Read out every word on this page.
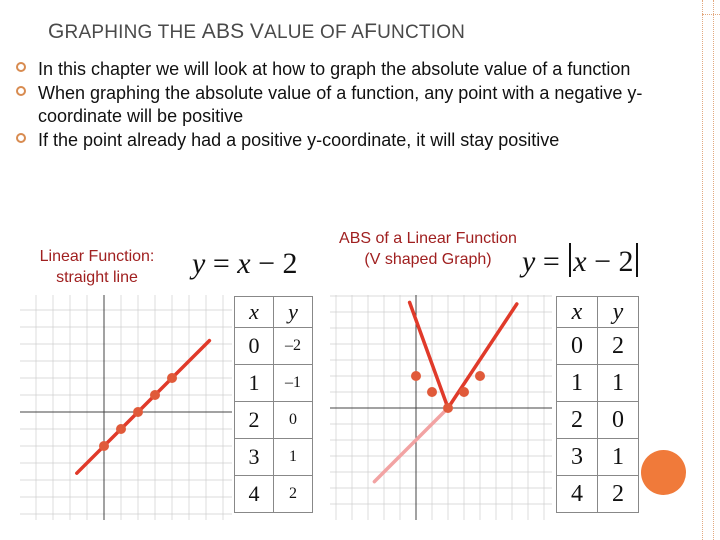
GRAPHING THE ABS VALUE OF AFUNCTION
In this chapter we will look at how to graph the absolute value of a function
When graphing the absolute value of a function, any point with a negative y-coordinate will be positive
If the point already had a positive y-coordinate, it will stay positive
Linear Function:
straight line	y = x − 2
ABS of a Linear Function
(V shaped Graph)	y = x − 2
x	y
0	–2
1	–1
2	0
3	1
4	2
x	y
0	2
1	1
2	0
3	1
4	2
